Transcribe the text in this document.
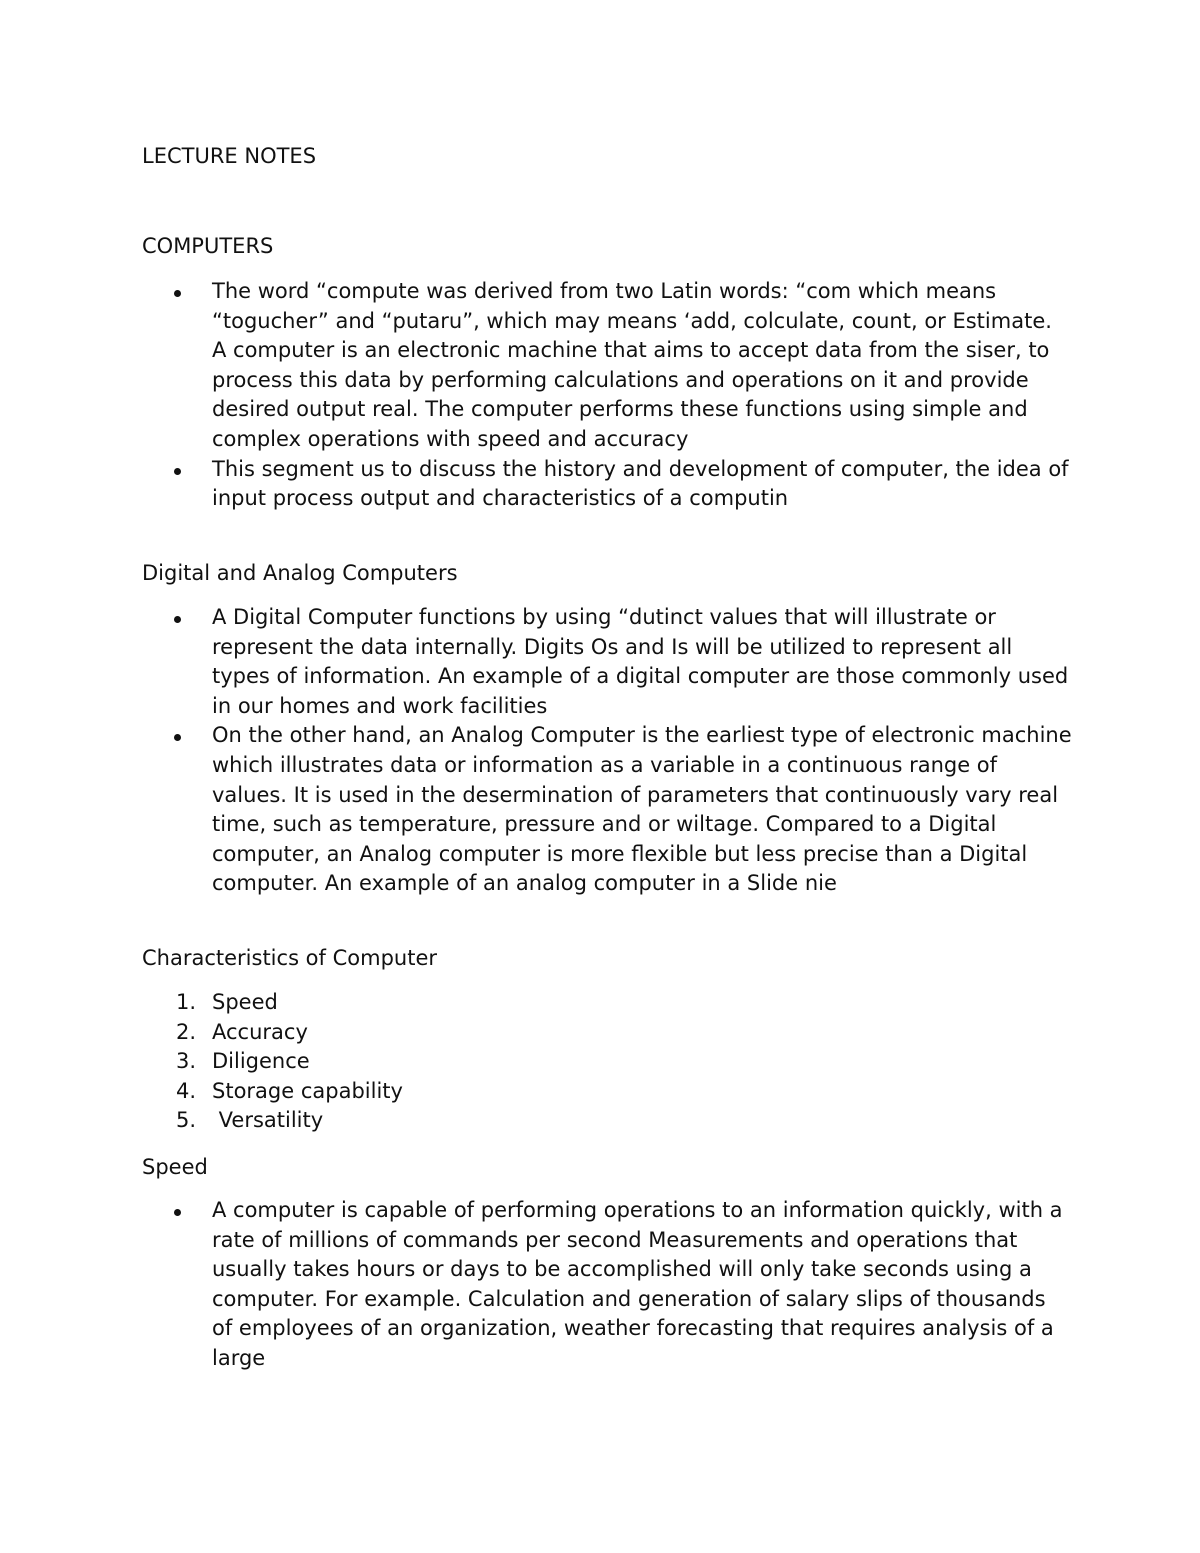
LECTURE NOTES
COMPUTERS
The word “compute was derived from two Latin words: “com which means “togucher” and “putaru”, which may means ‘add, colculate, count, or Estimate. A computer is an electronic machine that aims to accept data from the siser, to process this data by performing calculations and operations on it and provide desired output real. The computer performs these functions using simple and complex operations with speed and accuracy
This segment us to discuss the history and development of computer, the idea of input process output and characteristics of a computin
Digital and Analog Computers
A Digital Computer functions by using “dutinct values that will illustrate or represent the data internally. Digits Os and Is will be utilized to represent all types of information. An example of a digital computer are those commonly used in our homes and work facilities
On the other hand, an Analog Computer is the earliest type of electronic machine which illustrates data or information as a variable in a continuous range of values. It is used in the desermination of parameters that continuously vary real time, such as temperature, pressure and or wiltage. Compared to a Digital computer, an Analog computer is more flexible but less precise than a Digital computer. An example of an analog computer in a Slide nie
Characteristics of Computer
1. Speed
2. Accuracy
3. Diligence
4. Storage capability
5. Versatility
Speed
A computer is capable of performing operations to an information quickly, with a rate of millions of commands per second Measurements and operations that usually takes hours or days to be accomplished will only take seconds using a computer. For example. Calculation and generation of salary slips of thousands of employees of an organization, weather forecasting that requires analysis of a large
